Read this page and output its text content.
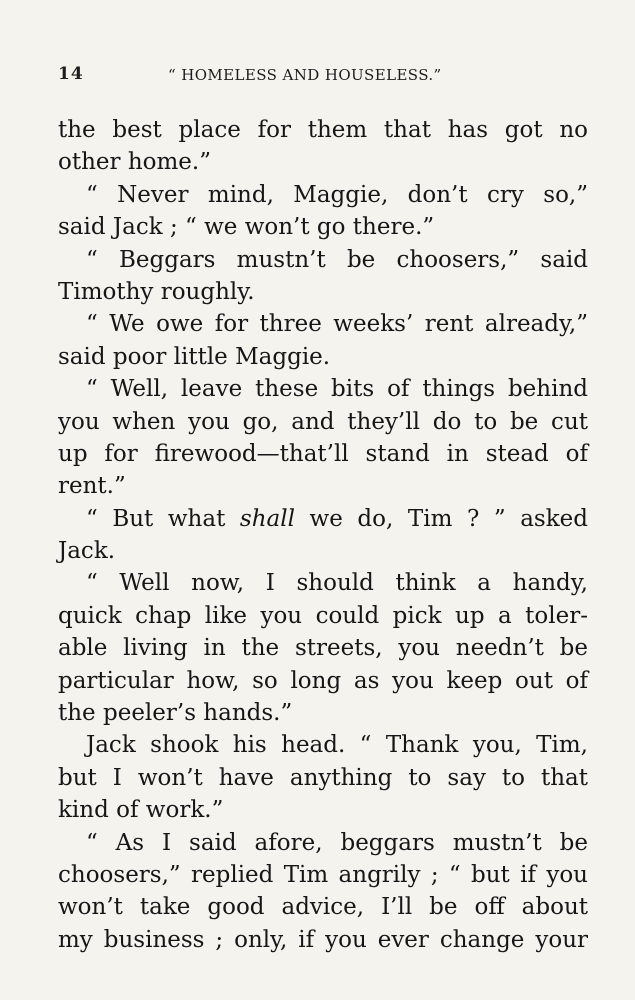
14	“ HOMELESS AND HOUSELESS.”
the best place for them that has got no
other home.”
“ Never mind, Maggie, don’t cry so,”
said Jack ; “ we won’t go there.”
“ Beggars mustn’t be choosers,” said
Timothy roughly.
“ We owe for three weeks’ rent already,”
said poor little Maggie.
“ Well, leave these bits of things behind
you when you go, and they’ll do to be cut
up for firewood—that’ll stand in stead of
rent.”
“ But what shall we do, Tim ? ” asked
Jack.
“ Well now, I should think a handy,
quick chap like you could pick up a toler-
able living in the streets, you needn’t be
particular how, so long as you keep out of
the peeler’s hands.”
Jack shook his head. “ Thank you, Tim,
but I won’t have anything to say to that
kind of work.”
“ As I said afore, beggars mustn’t be
choosers,” replied Tim angrily ; “ but if you
won’t take good advice, I’ll be off about
my business ; only, if you ever change your
